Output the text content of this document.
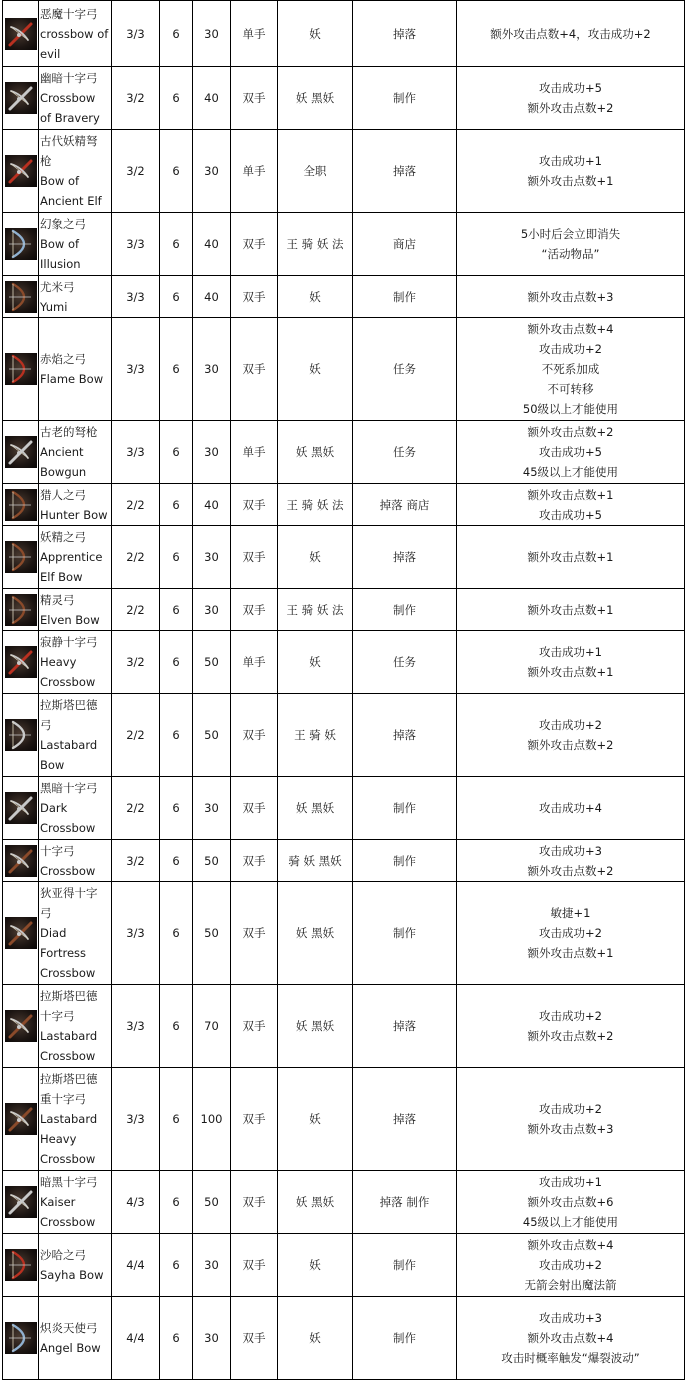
恶魔十字弓
crossbow of
evil	3/3	6	30	单手	妖	掉落	额外攻击点数+4，攻击成功+2

幽暗十字弓
Crossbow
of Bravery	3/2	6	40	双手	妖 黑妖	制作	攻击成功+5
额外攻击点数+2

古代妖精弩
枪
Bow of
Ancient Elf	3/2	6	30	单手	全职	掉落	攻击成功+1
额外攻击点数+1

幻象之弓
Bow of
Illusion	3/3	6	40	双手	王 骑 妖 法	商店	5小时后会立即消失
“活动物品”

尤米弓
Yumi	3/3	6	40	双手	妖	制作	额外攻击点数+3

赤焰之弓
Flame Bow	3/3	6	30	双手	妖	任务	额外攻击点数+4
攻击成功+2
不死系加成
不可转移
50级以上才能使用

古老的弩枪
Ancient
Bowgun	3/3	6	30	单手	妖 黑妖	任务	额外攻击点数+2
攻击成功+5
45级以上才能使用

猎人之弓
Hunter Bow	2/2	6	40	双手	王 骑 妖 法	掉落 商店	额外攻击点数+1
攻击成功+5

妖精之弓
Apprentice
Elf Bow	2/2	6	30	双手	妖	掉落	额外攻击点数+1

精灵弓
Elven Bow	2/2	6	30	双手	王 骑 妖 法	制作	额外攻击点数+1

寂静十字弓
Heavy
Crossbow	3/2	6	50	单手	妖	任务	攻击成功+1
额外攻击点数+1

拉斯塔巴德
弓
Lastabard
Bow	2/2	6	50	双手	王 骑 妖	掉落	攻击成功+2
额外攻击点数+2

黑暗十字弓
Dark
Crossbow	2/2	6	30	双手	妖 黑妖	制作	攻击成功+4

十字弓
Crossbow	3/2	6	50	双手	骑 妖 黑妖	制作	攻击成功+3
额外攻击点数+2

狄亚得十字
弓
Diad
Fortress
Crossbow	3/3	6	50	双手	妖 黑妖	制作	敏捷+1
攻击成功+2
额外攻击点数+1

拉斯塔巴德
十字弓
Lastabard
Crossbow	3/3	6	70	双手	妖 黑妖	掉落	攻击成功+2
额外攻击点数+2

拉斯塔巴德
重十字弓
Lastabard
Heavy
Crossbow	3/3	6	100	双手	妖	掉落	攻击成功+2
额外攻击点数+3

暗黑十字弓
Kaiser
Crossbow	4/3	6	50	双手	妖 黑妖	掉落 制作	攻击成功+1
额外攻击点数+6
45级以上才能使用

沙哈之弓
Sayha Bow	4/4	6	30	双手	妖	制作	额外攻击点数+4
攻击成功+2
无箭会射出魔法箭

炽炎天使弓
Angel Bow	4/4	6	30	双手	妖	制作	攻击成功+3
额外攻击点数+4
攻击时概率触发“爆裂波动”
